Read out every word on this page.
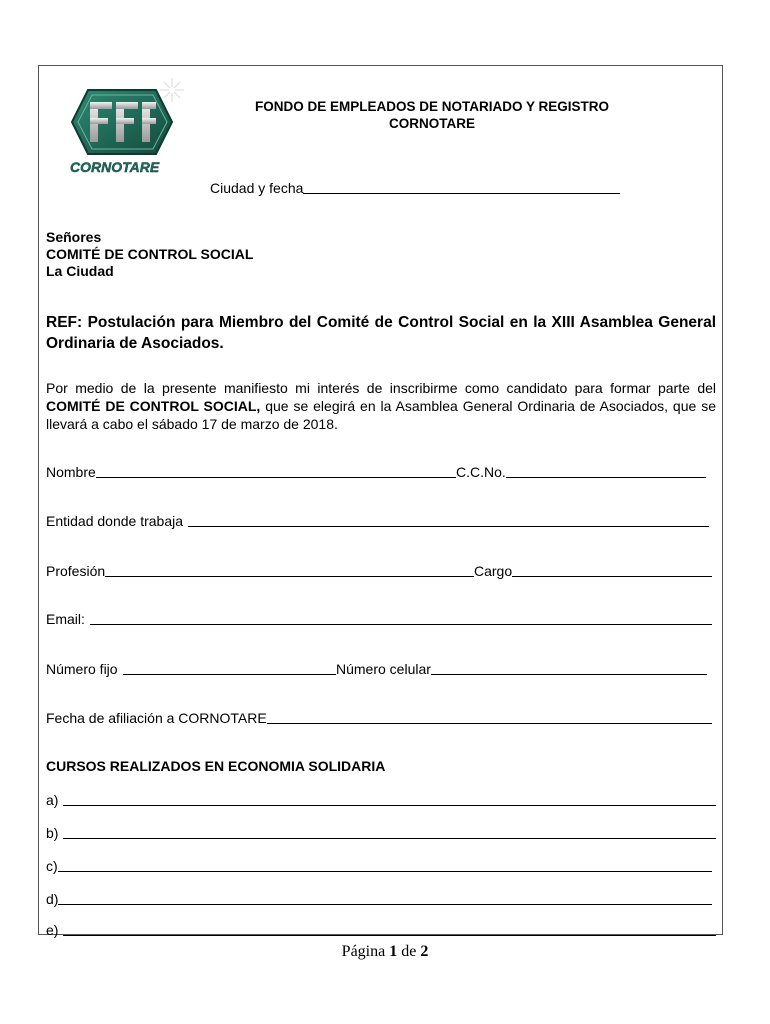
CORNOTARE
FONDO DE EMPLEADOS DE NOTARIADO Y REGISTRO
CORNOTARE
Ciudad y fecha
Señores
COMITÉ DE CONTROL SOCIAL
La Ciudad
REF: Postulación para Miembro del Comité de Control Social en la XIII Asamblea General Ordinaria de Asociados.
Por medio de la presente manifiesto mi interés de inscribirme como candidato para formar parte del COMITÉ DE CONTROL SOCIAL, que se elegirá en la Asamblea General Ordinaria de Asociados, que se llevará a cabo el sábado 17 de marzo de 2018.
Nombre	C.C.No.
Entidad donde trabaja
Profesión	Cargo
Email:
Número fijo	Número celular
Fecha de afiliación a CORNOTARE
CURSOS REALIZADOS EN ECONOMIA SOLIDARIA
a)
b)
c)
d)
e)
Página 1 de 2
